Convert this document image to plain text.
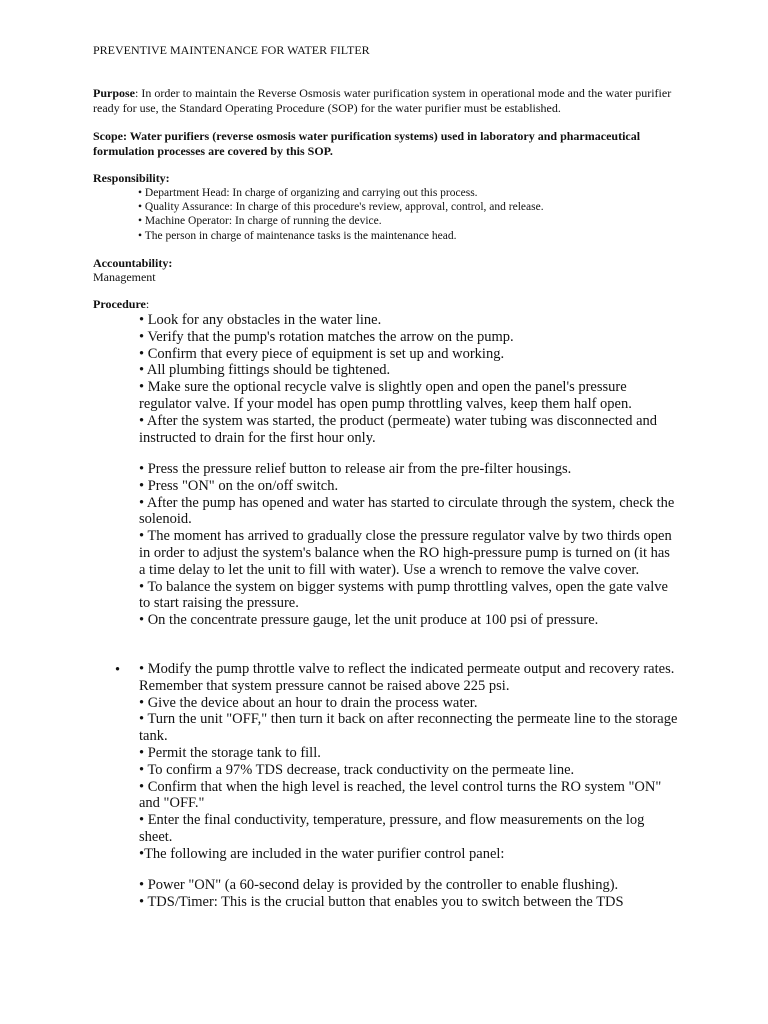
PREVENTIVE MAINTENANCE FOR WATER FILTER
Purpose: In order to maintain the Reverse Osmosis water purification system in operational mode and the water purifier ready for use, the Standard Operating Procedure (SOP) for the water purifier must be established.
Scope: Water purifiers (reverse osmosis water purification systems) used in laboratory and pharmaceutical formulation processes are covered by this SOP.
Responsibility:
• Department Head: In charge of organizing and carrying out this process.
• Quality Assurance: In charge of this procedure's review, approval, control, and release.
• Machine Operator: In charge of running the device.
• The person in charge of maintenance tasks is the maintenance head.
Accountability:
Management
Procedure:

• Look for any obstacles in the water line.

• Verify that the pump's rotation matches the arrow on the pump.

• Confirm that every piece of equipment is set up and working.

• All plumbing fittings should be tightened.

• Make sure the optional recycle valve is slightly open and open the panel's pressure regulator valve. If your model has open pump throttling valves, keep them half open.

• After the system was started, the product (permeate) water tubing was disconnected and instructed to drain for the first hour only.

• Press the pressure relief button to release air from the pre-filter housings.

• Press "ON" on the on/off switch.

• After the pump has opened and water has started to circulate through the system, check the solenoid.

• The moment has arrived to gradually close the pressure regulator valve by two thirds open in order to adjust the system's balance when the RO high-pressure pump is turned on (it has a time delay to let the unit to fill with water). Use a wrench to remove the valve cover.

• To balance the system on bigger systems with pump throttling valves, open the gate valve to start raising the pressure.

• On the concentrate pressure gauge, let the unit produce at 100 psi of pressure.

• • Modify the pump throttle valve to reflect the indicated permeate output and recovery rates. Remember that system pressure cannot be raised above 225 psi.

• Give the device about an hour to drain the process water.

• Turn the unit "OFF," then turn it back on after reconnecting the permeate line to the storage tank.

• Permit the storage tank to fill.

• To confirm a 97% TDS decrease, track conductivity on the permeate line.

• Confirm that when the high level is reached, the level control turns the RO system "ON" and "OFF."

• Enter the final conductivity, temperature, pressure, and flow measurements on the log sheet.

•The following are included in the water purifier control panel:

• Power "ON" (a 60-second delay is provided by the controller to enable flushing).

• TDS/Timer: This is the crucial button that enables you to switch between the TDS
